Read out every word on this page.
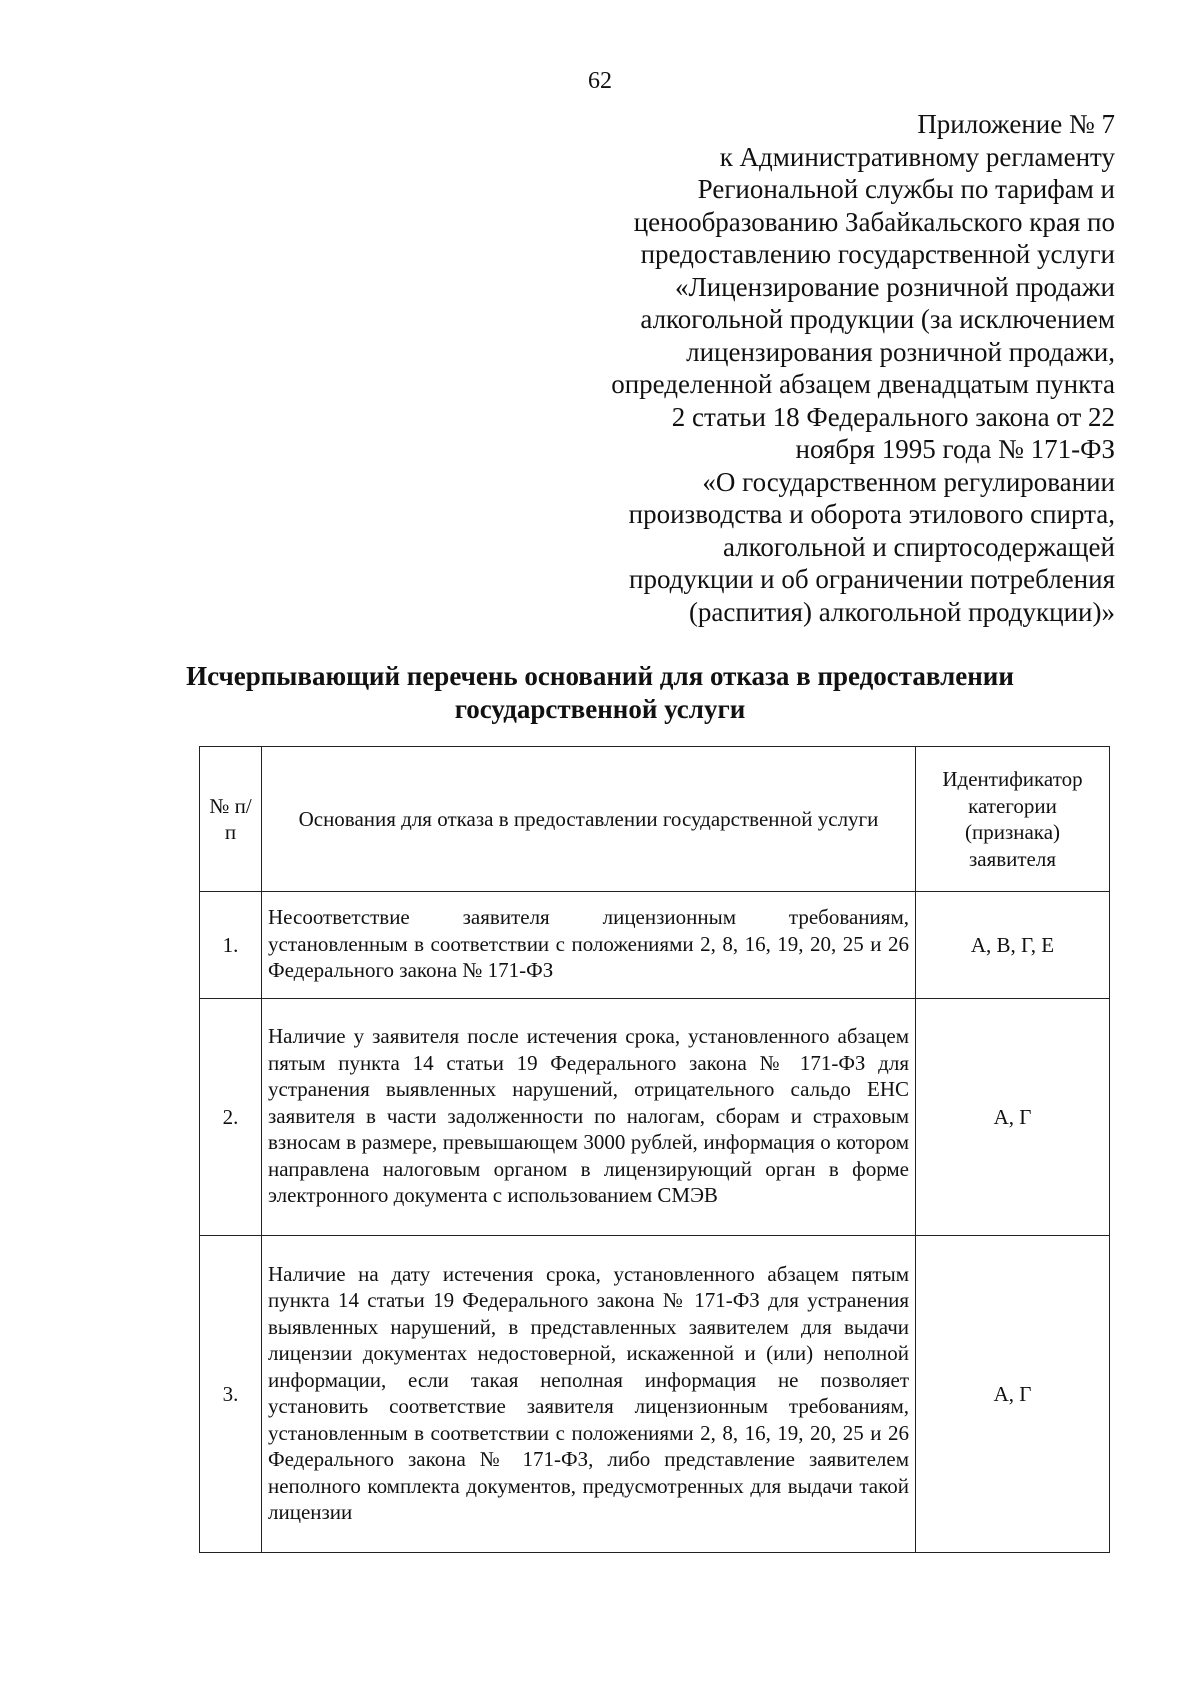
62
Приложение № 7
к Административному регламенту
Региональной службы по тарифам и
ценообразованию Забайкальского края по
предоставлению государственной услуги
«Лицензирование розничной продажи
алкогольной продукции (за исключением
лицензирования розничной продажи,
определенной абзацем двенадцатым пункта
2 статьи 18 Федерального закона от 22
ноября 1995 года № 171-ФЗ
«О государственном регулировании
производства и оборота этилового спирта,
алкогольной и спиртосодержащей
продукции и об ограничении потребления
(распития) алкогольной продукции)»
Исчерпывающий перечень оснований для отказа в предоставлении
государственной услуги
№ п/п	Основания для отказа в предоставлении государственной услуги	Идентификатор категории (признака) заявителя
1.	Несоответствие заявителя лицензионным требованиям, установленным в соответствии с положениями 2, 8, 16, 19, 20, 25 и 26 Федерального закона № 171-ФЗ	А, В, Г, Е
2.	Наличие у заявителя после истечения срока, установленного абзацем пятым пункта 14 статьи 19 Федерального закона № 171-ФЗ для устранения выявленных нарушений, отрицательного сальдо ЕНС заявителя в части задолженности по налогам, сборам и страховым взносам в размере, превышающем 3000 рублей, информация о котором направлена налоговым органом в лицензирующий орган в форме электронного документа с использованием СМЭВ	А, Г
3.	Наличие на дату истечения срока, установленного абзацем пятым пункта 14 статьи 19 Федерального закона № 171-ФЗ для устранения выявленных нарушений, в представленных заявителем для выдачи лицензии документах недостоверной, искаженной и (или) неполной информации, если такая неполная информация не позволяет установить соответствие заявителя лицензионным требованиям, установленным в соответствии с положениями 2, 8, 16, 19, 20, 25 и 26 Федерального закона № 171-ФЗ, либо представление заявителем неполного комплекта документов, предусмотренных для выдачи такой лицензии	А, Г
